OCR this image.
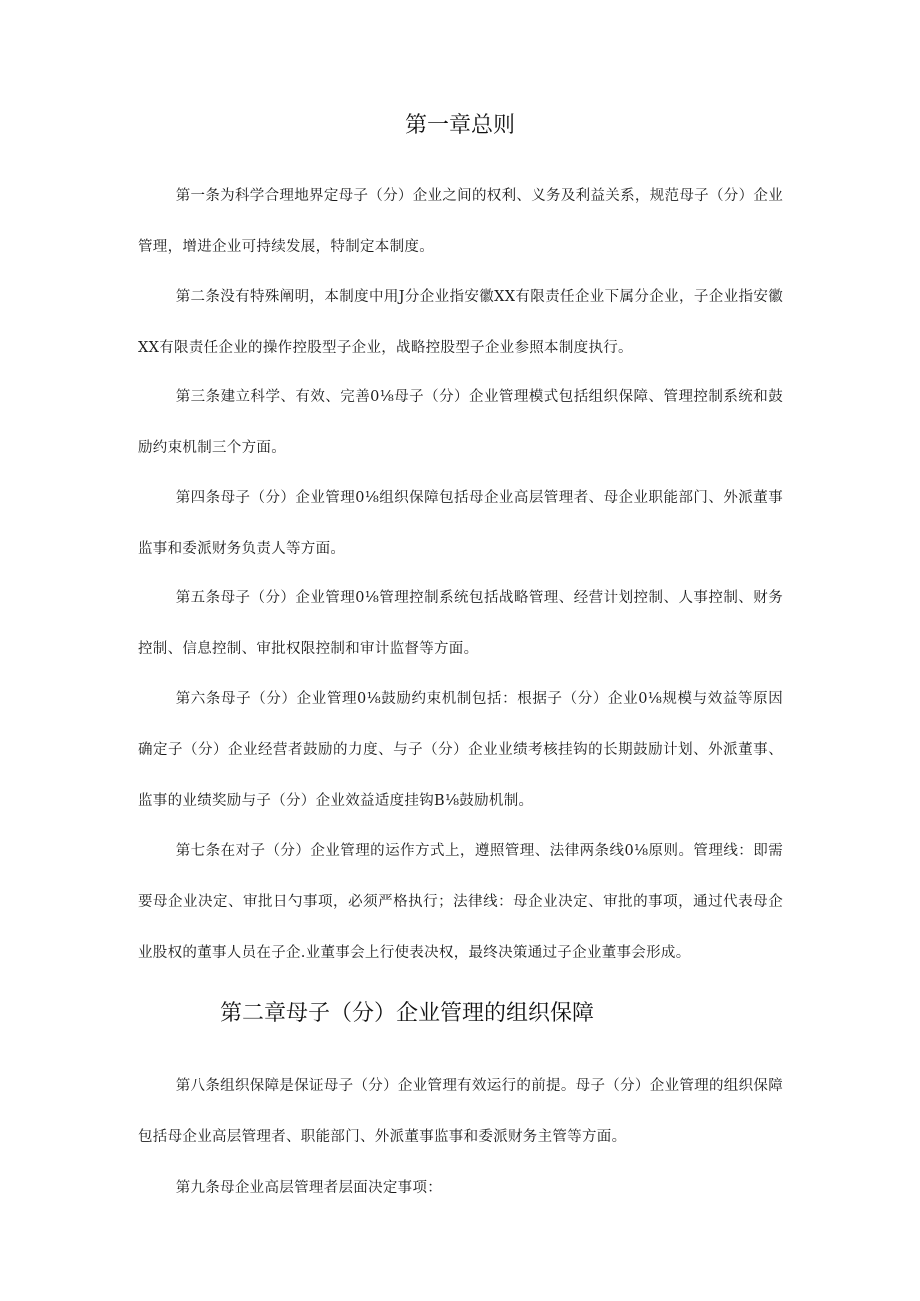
第一章总则

第一条为科学合理地界定母子（分）企业之间的权利、义务及利益关系，规范母子（分）企业管理，增进企业可持续发展，特制定本制度。

第二条没有特殊阐明，本制度中用J分企业指安徽XX有限责任企业下属分企业，子企业指安徽XX有限责任企业的操作控股型子企业，战略控股型子企业参照本制度执行。

第三条建立科学、有效、完善0⅛母子（分）企业管理模式包括组织保障、管理控制系统和鼓励约束机制三个方面。

第四条母子（分）企业管理0⅛组织保障包括母企业高层管理者、母企业职能部门、外派董事监事和委派财务负责人等方面。

第五条母子（分）企业管理0⅛管理控制系统包括战略管理、经营计划控制、人事控制、财务控制、信息控制、审批权限控制和审计监督等方面。

第六条母子（分）企业管理0⅛鼓励约束机制包括：根据子（分）企业0⅛规模与效益等原因确定子（分）企业经营者鼓励的力度、与子（分）企业业绩考核挂钩的长期鼓励计划、外派董事、监事的业绩奖励与子（分）企业效益适度挂钩B⅛鼓励机制。

第七条在对子（分）企业管理的运作方式上，遵照管理、法律两条线0⅛原则。管理线：即需要母企业决定、审批日勺事项，必须严格执行；法律线：母企业决定、审批的事项，通过代表母企业股权的董事人员在子企.业董事会上行使表决权，最终决策通过子企业董事会形成。

第二章母子（分）企业管理的组织保障

第八条组织保障是保证母子（分）企业管理有效运行的前提。母子（分）企业管理的组织保障包括母企业高层管理者、职能部门、外派董事监事和委派财务主管等方面。

第九条母企业高层管理者层面决定事项：
